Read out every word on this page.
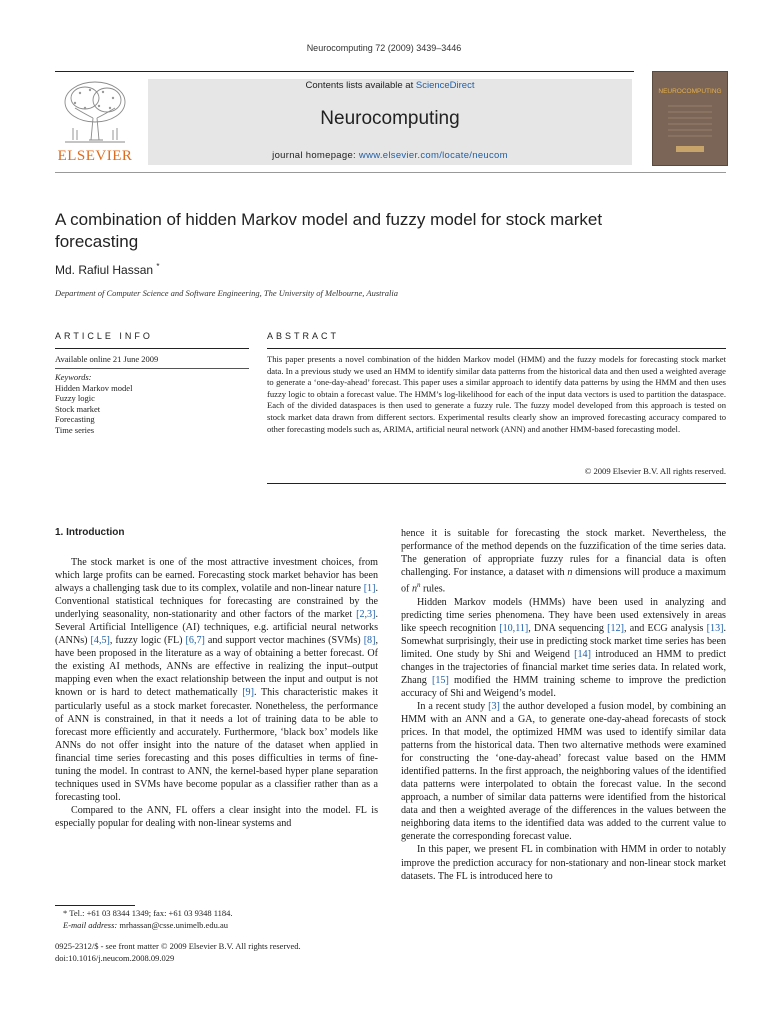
Neurocomputing 72 (2009) 3439–3446
ELSEVIER
Contents lists available at ScienceDirect
Neurocomputing
journal homepage: www.elsevier.com/locate/neucom
NEUROCOMPUTING
A combination of hidden Markov model and fuzzy model for stock market forecasting
Md. Rafiul Hassan *
Department of Computer Science and Software Engineering, The University of Melbourne, Australia
ARTICLE INFO
Available online 21 June 2009
Keywords:
Hidden Markov model
Fuzzy logic
Stock market
Forecasting
Time series
ABSTRACT
This paper presents a novel combination of the hidden Markov model (HMM) and the fuzzy models for forecasting stock market data. In a previous study we used an HMM to identify similar data patterns from the historical data and then used a weighted average to generate a ‘one-day-ahead’ forecast. This paper uses a similar approach to identify data patterns by using the HMM and then uses fuzzy logic to obtain a forecast value. The HMM’s log-likelihood for each of the input data vectors is used to partition the dataspace. Each of the divided dataspaces is then used to generate a fuzzy rule. The fuzzy model developed from this approach is tested on stock market data drawn from different sectors. Experimental results clearly show an improved forecasting accuracy compared to other forecasting models such as, ARIMA, artificial neural network (ANN) and another HMM-based forecasting model.
© 2009 Elsevier B.V. All rights reserved.
1. Introduction

The stock market is one of the most attractive investment choices, from which large profits can be earned. Forecasting stock market behavior has been always a challenging task due to its complex, volatile and non-linear nature [1]. Conventional statistical techniques for forecasting are constrained by the underlying seasonality, non-stationarity and other factors of the market [2,3]. Several Artificial Intelligence (AI) techniques, e.g. artificial neural networks (ANNs) [4,5], fuzzy logic (FL) [6,7] and support vector machines (SVMs) [8], have been proposed in the literature as a way of obtaining a better forecast. Of the existing AI methods, ANNs are effective in realizing the input–output mapping even when the exact relationship between the input and output is not known or is hard to detect mathematically [9]. This characteristic makes it particularly useful as a stock market forecaster. Nonetheless, the performance of ANN is constrained, in that it needs a lot of training data to be able to forecast more efficiently and accurately. Furthermore, ‘black box’ models like ANNs do not offer insight into the nature of the dataset when applied in financial time series forecasting and this poses difficulties in terms of fine-tuning the model. In contrast to ANN, the kernel-based hyper plane separation techniques used in SVMs have become popular as a classifier rather than as a forecasting tool.

Compared to the ANN, FL offers a clear insight into the model. FL is especially popular for dealing with non-linear systems and

hence it is suitable for forecasting the stock market. Nevertheless, the performance of the method depends on the fuzzification of the time series data. The generation of appropriate fuzzy rules for a financial data is often challenging. For instance, a dataset with n dimensions will produce a maximum of $n^n$ rules.

Hidden Markov models (HMMs) have been used in analyzing and predicting time series phenomena. They have been used extensively in areas like speech recognition [10,11], DNA sequencing [12], and ECG analysis [13]. Somewhat surprisingly, their use in predicting stock market time series has been limited. One study by Shi and Weigend [14] introduced an HMM to predict changes in the trajectories of financial market time series data. In related work, Zhang [15] modified the HMM training scheme to improve the prediction accuracy of Shi and Weigend’s model.

In a recent study [3] the author developed a fusion model, by combining an HMM with an ANN and a GA, to generate one-day-ahead forecasts of stock prices. In that model, the optimized HMM was used to identify similar data patterns from the historical data. Then two alternative methods were examined for constructing the ‘one-day-ahead’ forecast value based on the HMM identified patterns. In the first approach, the neighboring values of the identified data patterns were interpolated to obtain the forecast value. In the second approach, a number of similar data patterns were identified from the historical data and then a weighted average of the differences in the values between the neighboring data items to the identified data was added to the current value to generate the corresponding forecast value.

In this paper, we present FL in combination with HMM in order to notably improve the prediction accuracy for non-stationary and non-linear stock market datasets. The FL is introduced here to

* Tel.: +61 03 8344 1349; fax: +61 03 9348 1184.
E-mail address: mrhassan@csse.unimelb.edu.au
0925-2312/$ - see front matter © 2009 Elsevier B.V. All rights reserved.
doi:10.1016/j.neucom.2008.09.029
